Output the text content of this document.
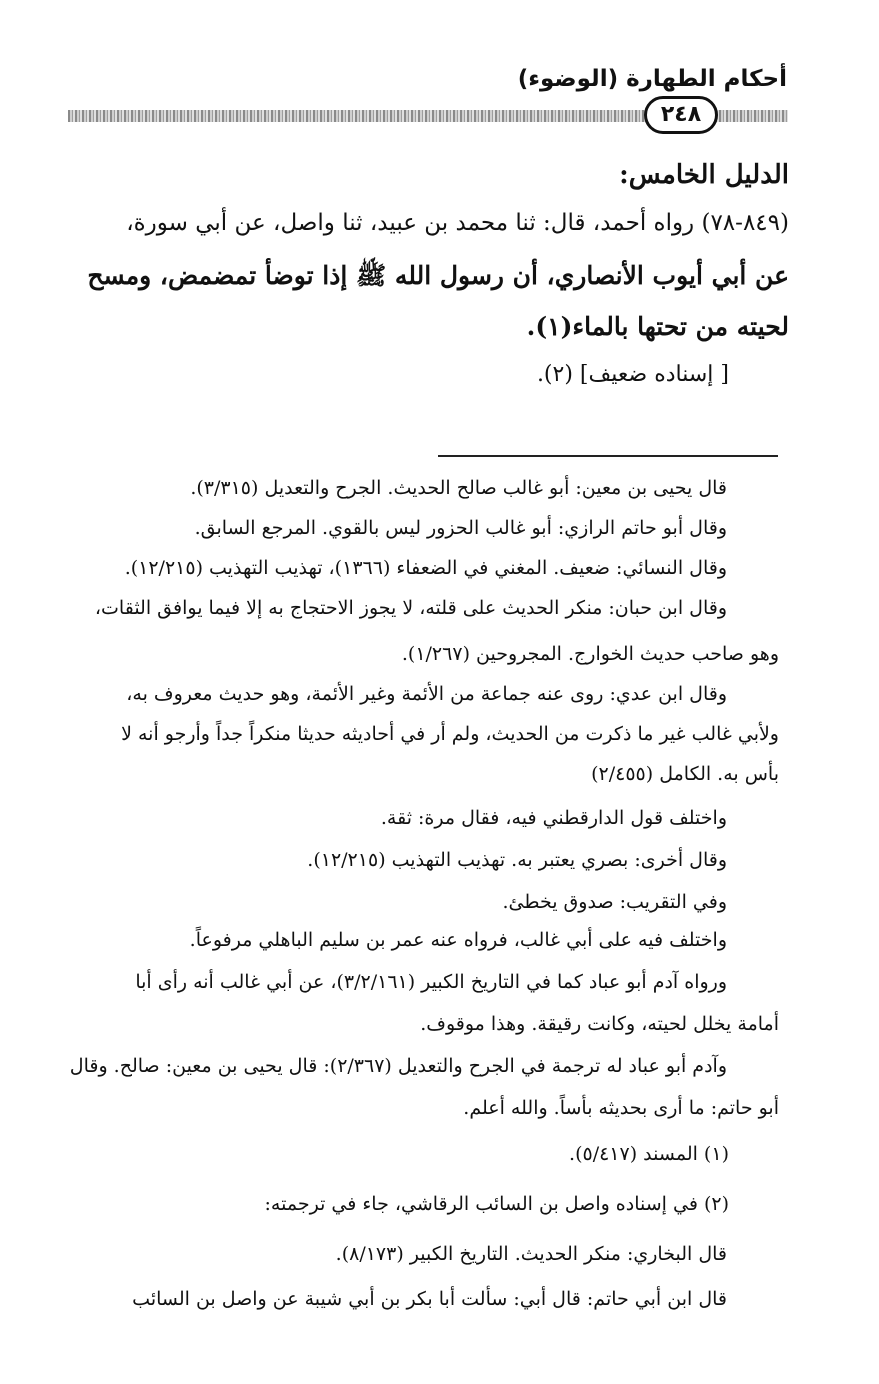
أحكام الطهارة (الوضوء)
٢٤٨
الدليل الخامس:
(٨٤٩-٧٨) رواه أحمد، قال: ثنا محمد بن عبيد، ثنا واصل، عن أبي سورة،
عن أبي أيوب الأنصاري، أن رسول الله ﷺ إذا توضأ تمضمض، ومسح
لحيته من تحتها بالماء(١).
[ إسناده ضعيف] (٢).
قال يحيى بن معين: أبو غالب صالح الحديث. الجرح والتعديل (٣/٣١٥).
وقال أبو حاتم الرازي: أبو غالب الحزور ليس بالقوي. المرجع السابق.
وقال النسائي: ضعيف. المغني في الضعفاء (١٣٦٦)، تهذيب التهذيب (١٢/٢١٥).
وقال ابن حبان: منكر الحديث على قلته، لا يجوز الاحتجاج به إلا فيما يوافق الثقات،
وهو صاحب حديث الخوارج. المجروحين (١/٢٦٧).
وقال ابن عدي: روى عنه جماعة من الأئمة وغير الأئمة، وهو حديث معروف به،
ولأبي غالب غير ما ذكرت من الحديث، ولم أر في أحاديثه حديثا منكراً جداً وأرجو أنه لا
بأس به. الكامل (٢/٤٥٥)
واختلف قول الدارقطني فيه، فقال مرة: ثقة.
وقال أخرى: بصري يعتبر به. تهذيب التهذيب (١٢/٢١٥).
وفي التقريب: صدوق يخطئ.
واختلف فيه على أبي غالب، فرواه عنه عمر بن سليم الباهلي مرفوعاً.
ورواه آدم أبو عباد كما في التاريخ الكبير (٣/٢/١٦١)، عن أبي غالب أنه رأى أبا
أمامة يخلل لحيته، وكانت رقيقة. وهذا موقوف.
وآدم أبو عباد له ترجمة في الجرح والتعديل (٢/٣٦٧): قال يحيى بن معين: صالح. وقال
أبو حاتم: ما أرى بحديثه بأساً. والله أعلم.
(١) المسند (٥/٤١٧).
(٢) في إسناده واصل بن السائب الرقاشي، جاء في ترجمته:
قال البخاري: منكر الحديث. التاريخ الكبير (٨/١٧٣).
قال ابن أبي حاتم: قال أبي: سألت أبا بكر بن أبي شيبة عن واصل بن السائب
